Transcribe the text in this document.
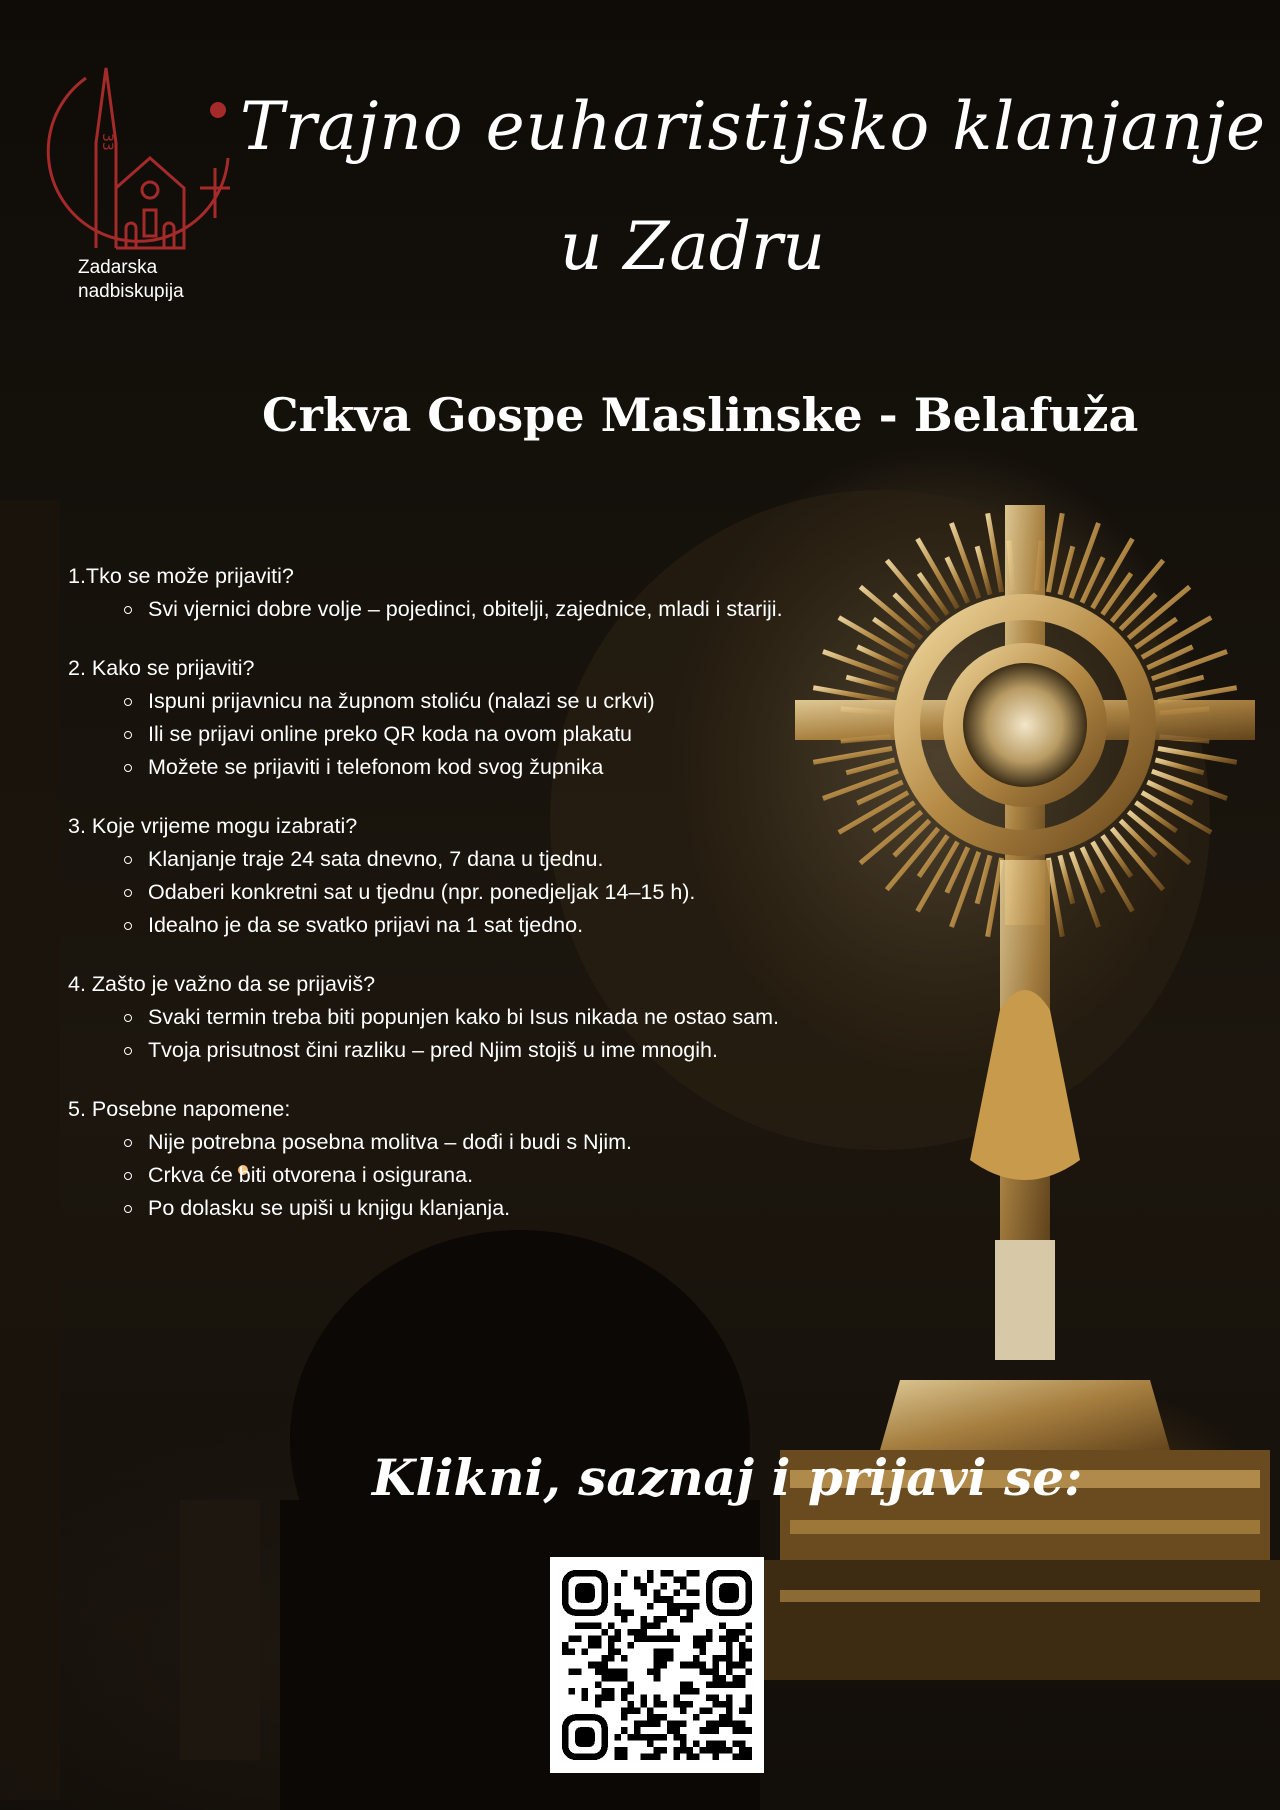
33
Zadarska
nadbiskupija
Trajno euharistijsko klanjanje
u Zadru
Crkva Gospe Maslinske - Belafuža
1.Tko se može prijaviti?
Svi vjernici dobre volje – pojedinci, obitelji, zajednice, mladi i stariji.
2. Kako se prijaviti?
Ispuni prijavnicu na župnom stoliću (nalazi se u crkvi)
Ili se prijavi online preko QR koda na ovom plakatu
Možete se prijaviti i telefonom kod svog župnika
3. Koje vrijeme mogu izabrati?
Klanjanje traje 24 sata dnevno, 7 dana u tjednu.
Odaberi konkretni sat u tjednu (npr. ponedjeljak 14–15 h).
Idealno je da se svatko prijavi na 1 sat tjedno.
4. Zašto je važno da se prijaviš?
Svaki termin treba biti popunjen kako bi Isus nikada ne ostao sam.
Tvoja prisutnost čini razliku – pred Njim stojiš u ime mnogih.
5. Posebne napomene:
Nije potrebna posebna molitva – dođi i budi s Njim.
Crkva će biti otvorena i osigurana.
Po dolasku se upiši u knjigu klanjanja.
Klikni, saznaj i prijavi se:
